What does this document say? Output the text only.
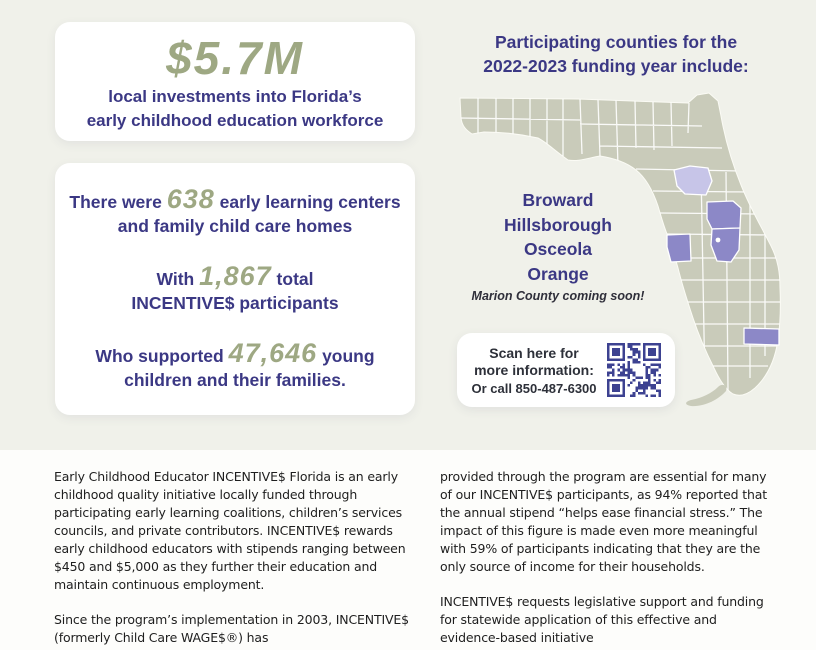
$5.7M
local investments into Florida’s
early childhood education workforce
There were 638 early learning centers and family child care homes
With 1,867 total INCENTIVE$ participants
Who supported 47,646 young children and their families.
Participating counties for the
2022-2023 funding year include:
Broward
Hillsborough
Osceola
Orange
Marion County coming soon!
Scan here for
more information:
Or call 850-487-6300

Early Childhood Educator INCENTIVE$ Florida is an early childhood quality initiative locally funded through participating early learning coalitions, children’s services councils, and private contributors. INCENTIVE$ rewards early childhood educators with stipends ranging between $450 and $5,000 as they further their education and maintain continuous employment.

Since the program’s implementation in 2003, INCENTIVE$ (formerly Child Care WAGE$®) has

provided through the program are essential for many of our INCENTIVE$ participants, as 94% reported that the annual stipend “helps ease financial stress.” The impact of this figure is made even more meaningful with 59% of participants indicating that they are the only source of income for their households.

INCENTIVE$ requests legislative support and funding for statewide application of this effective and evidence-based initiative
